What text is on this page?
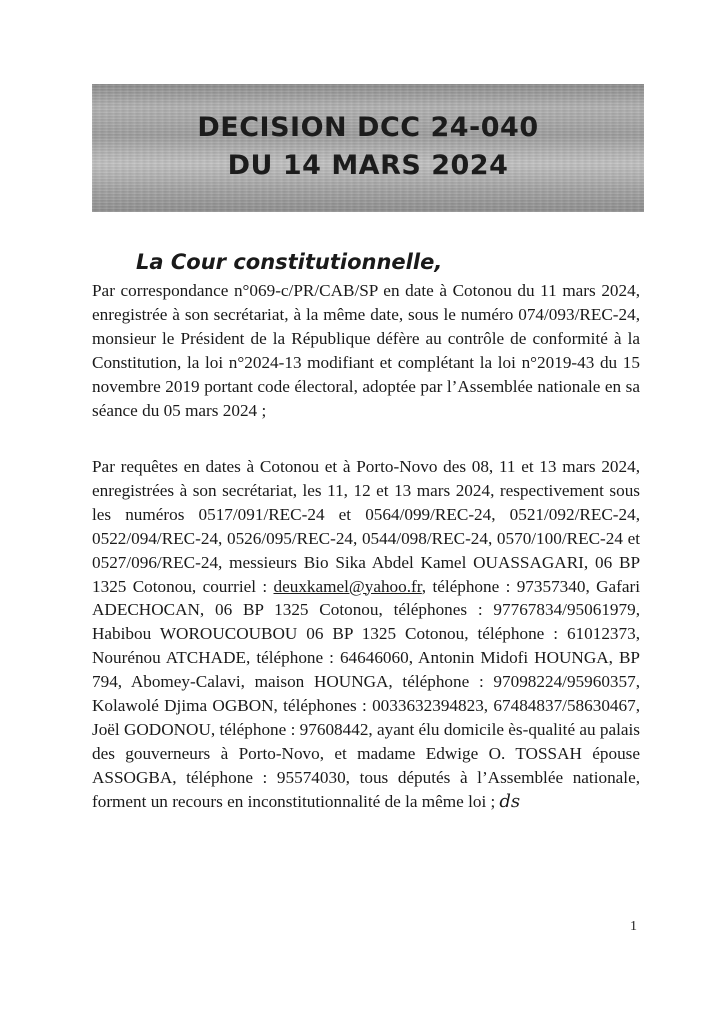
DECISION DCC 24-040
DU 14 MARS 2024
La Cour constitutionnelle,
Par correspondance n°069-c/PR/CAB/SP en date à Cotonou du 11 mars 2024, enregistrée à son secrétariat, à la même date, sous le numéro 074/093/REC-24, monsieur le Président de la République défère au contrôle de conformité à la Constitution, la loi n°2024-13 modifiant et complétant la loi n°2019-43 du 15 novembre 2019 portant code électoral, adoptée par l’Assemblée nationale en sa séance du 05 mars 2024 ;
Par requêtes en dates à Cotonou et à Porto-Novo des 08, 11 et 13 mars 2024, enregistrées à son secrétariat, les 11, 12 et 13 mars 2024, respectivement sous les numéros 0517/091/REC-24 et 0564/099/REC-24, 0521/092/REC-24, 0522/094/REC-24, 0526/095/REC-24, 0544/098/REC-24, 0570/100/REC-24 et 0527/096/REC-24, messieurs Bio Sika Abdel Kamel OUASSAGARI, 06 BP 1325 Cotonou, courriel : deuxkamel@yahoo.fr, téléphone : 97357340, Gafari ADECHOCAN, 06 BP 1325 Cotonou, téléphones : 97767834/95061979, Habibou WOROUCOUBOU 06 BP 1325 Cotonou, téléphone : 61012373, Nourénou ATCHADE, téléphone : 64646060, Antonin Midofi HOUNGA, BP 794, Abomey-Calavi, maison HOUNGA, téléphone : 97098224/95960357, Kolawolé Djima OGBON, téléphones : 0033632394823, 67484837/58630467, Joël GODONOU, téléphone : 97608442, ayant élu domicile ès-qualité au palais des gouverneurs à Porto-Novo, et madame Edwige O. TOSSAH épouse ASSOGBA, téléphone : 95574030, tous députés à l’Assemblée nationale, forment un recours en inconstitutionnalité de la même loi ; ds
1
